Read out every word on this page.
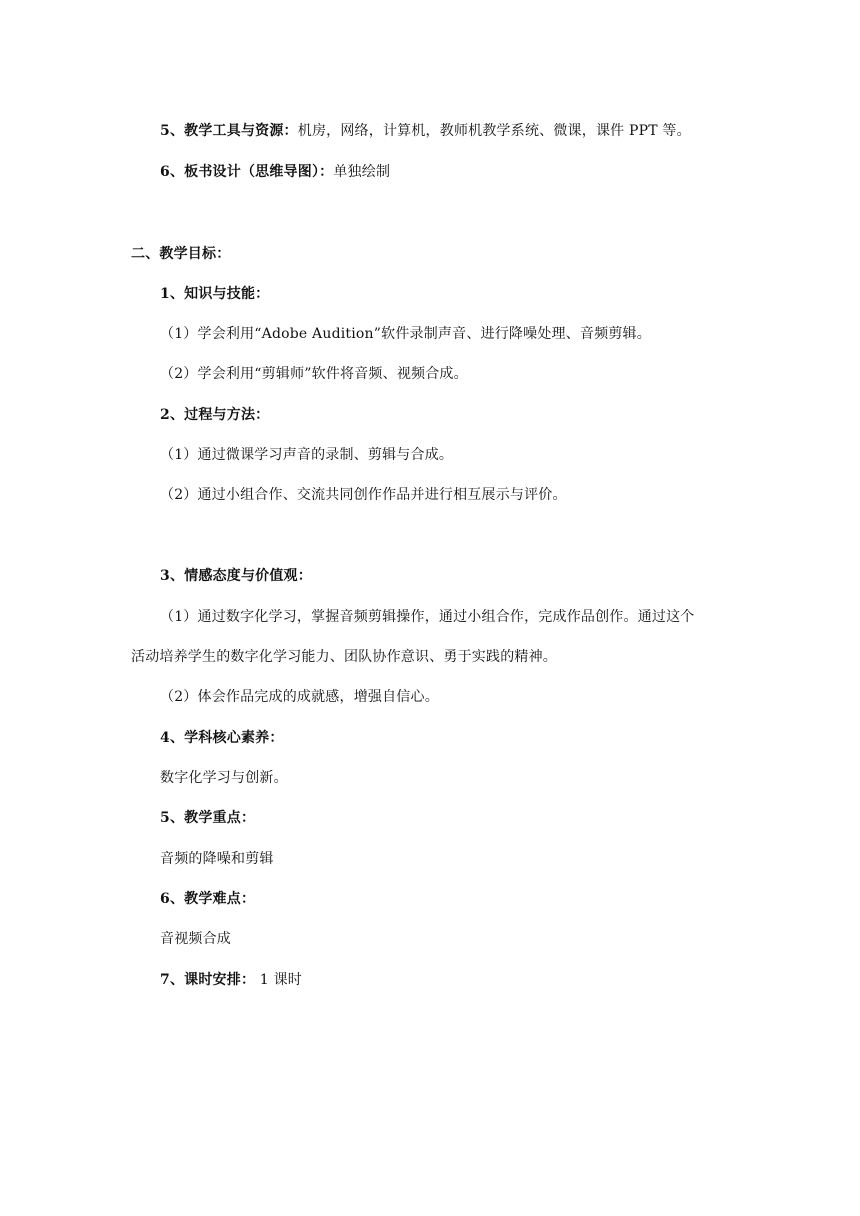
5、教学工具与资源：机房，网络，计算机，教师机教学系统、微课，课件 PPT 等。
6、板书设计（思维导图）：单独绘制
二、教学目标：
1、知识与技能：
（1）学会利用“Adobe Audition”软件录制声音、进行降噪处理、音频剪辑。
（2）学会利用“剪辑师”软件将音频、视频合成。
2、过程与方法：
（1）通过微课学习声音的录制、剪辑与合成。
（2）通过小组合作、交流共同创作作品并进行相互展示与评价。
3、情感态度与价值观：
（1）通过数字化学习，掌握音频剪辑操作，通过小组合作，完成作品创作。通过这个
活动培养学生的数字化学习能力、团队协作意识、勇于实践的精神。
（2）体会作品完成的成就感，增强自信心。
4、学科核心素养：
数字化学习与创新。
5、教学重点：
音频的降噪和剪辑
6、教学难点：
音视频合成
7、课时安排： 1 课时
